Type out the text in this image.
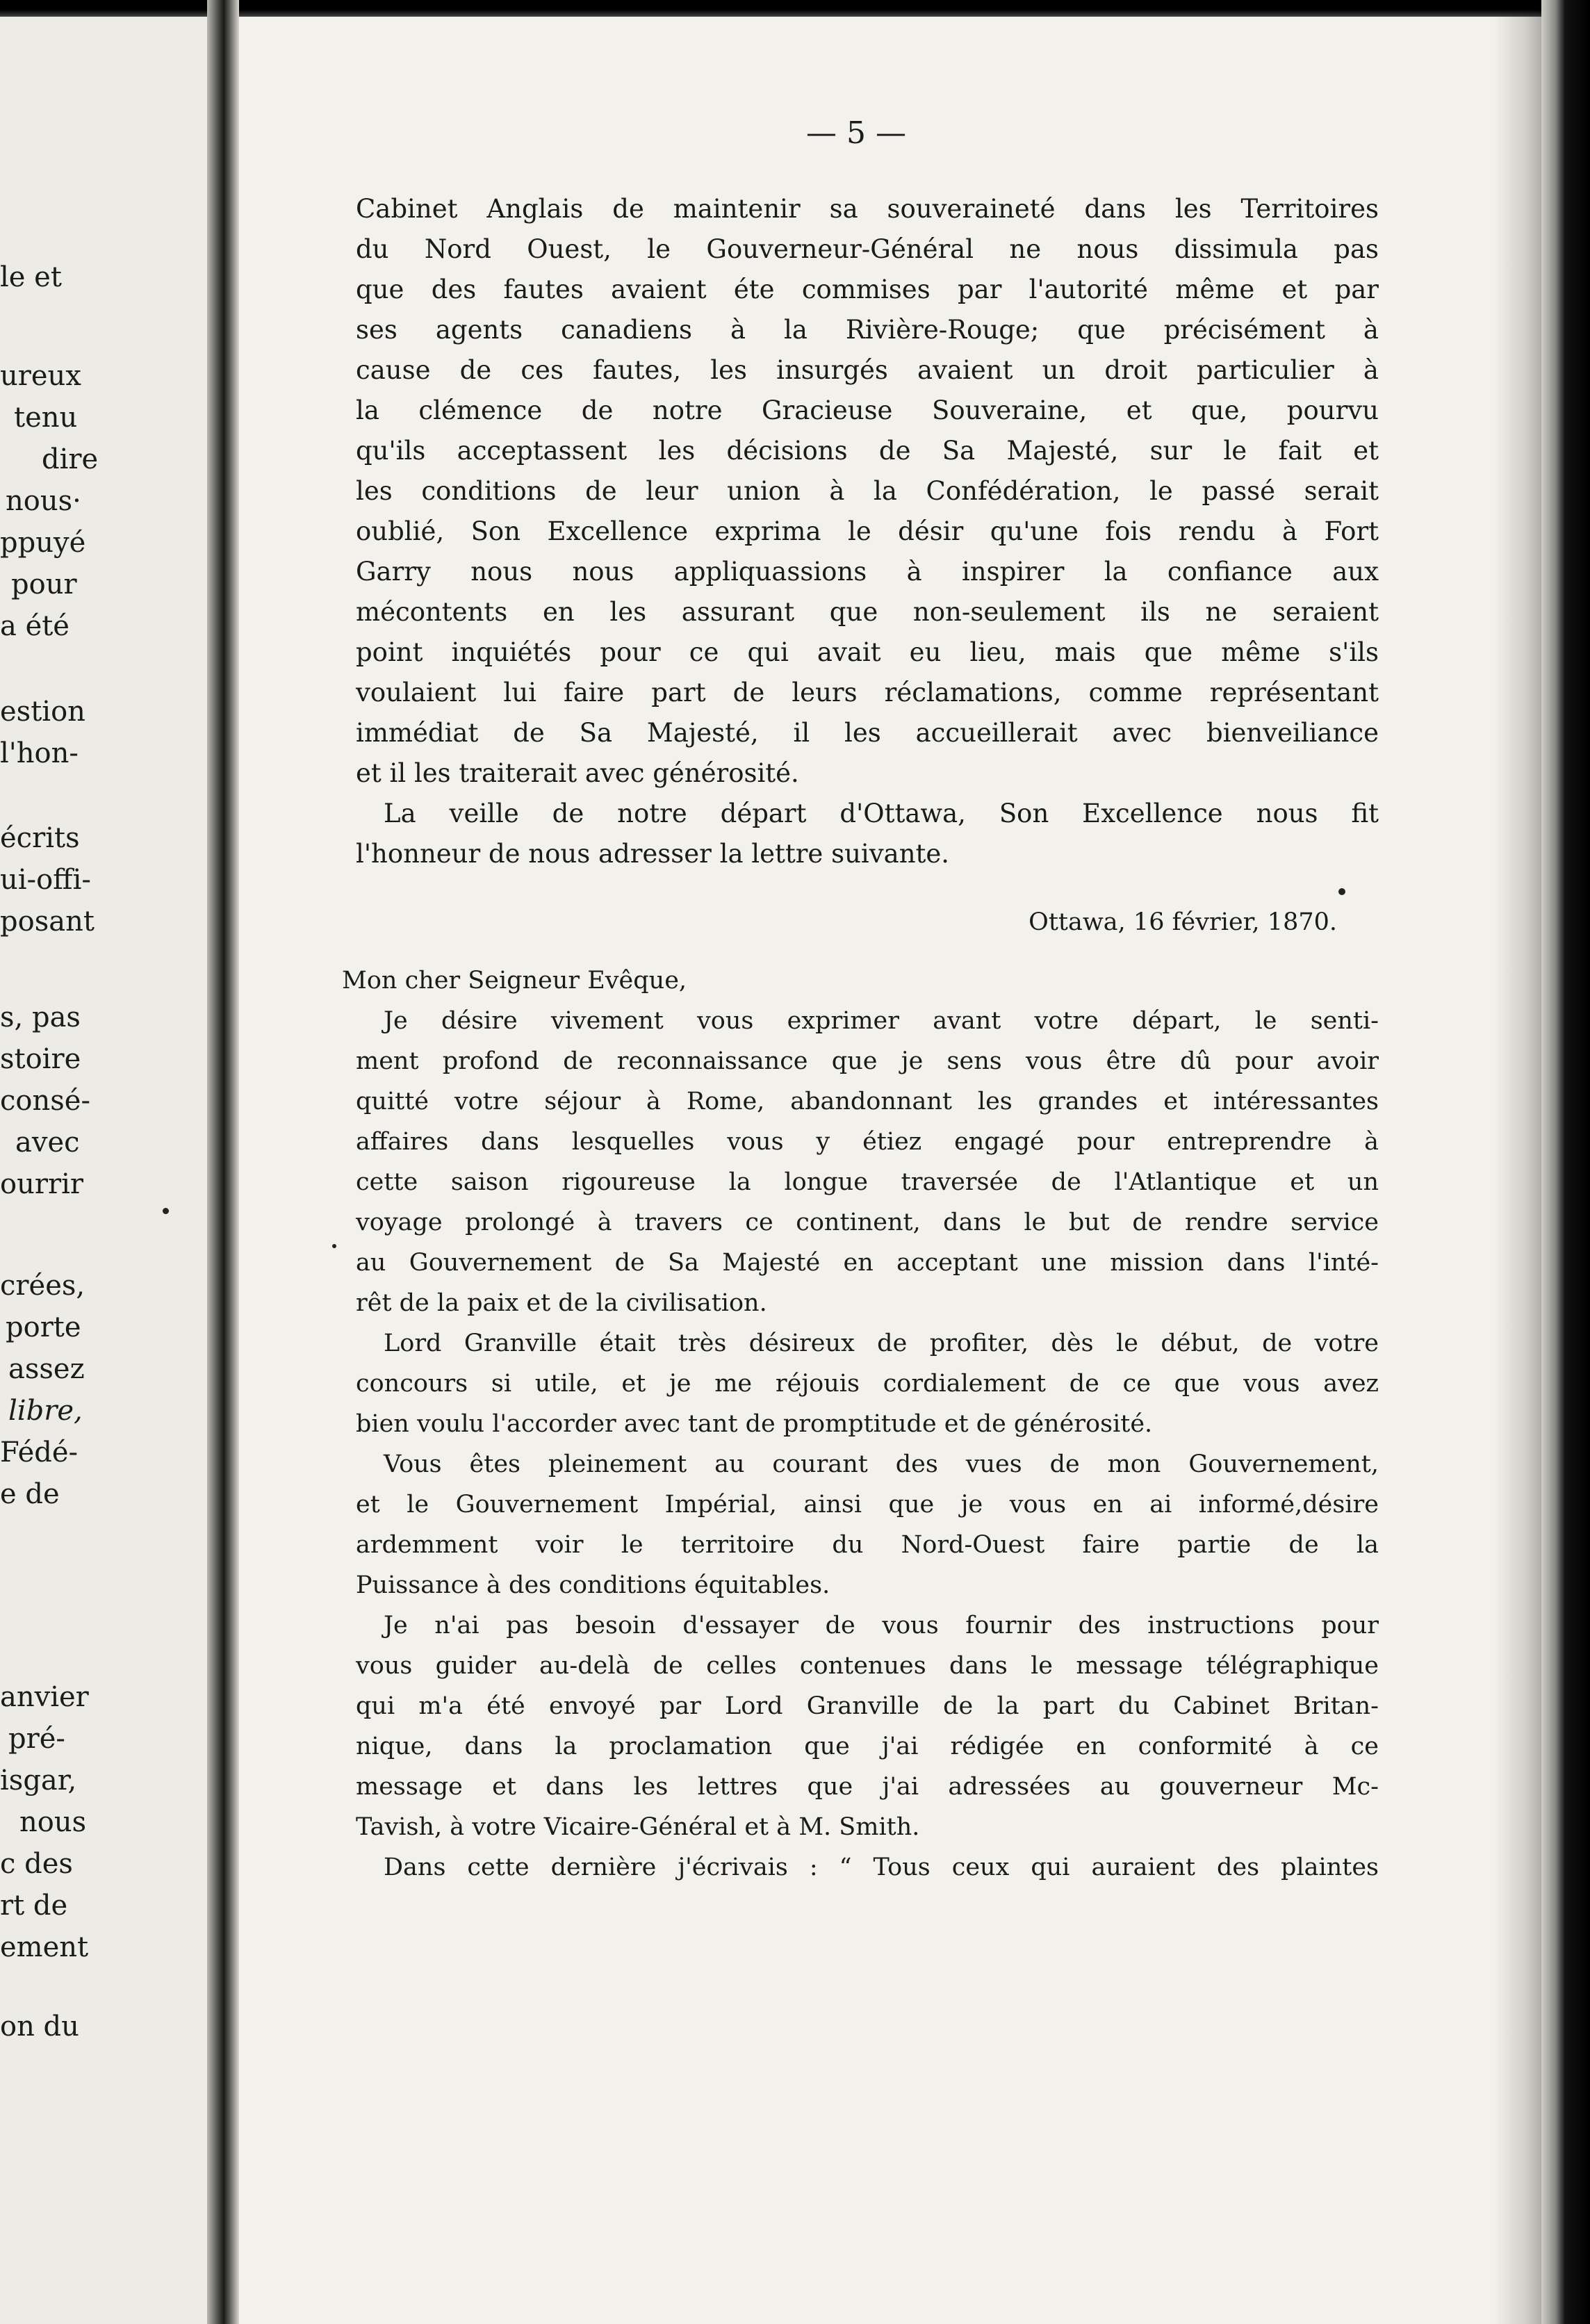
le et
ureux
tenu
dire
nous·
ppuyé
pour
a été
estion
l'hon-
écrits
ui-offi-
posant
s, pas
stoire
consé-
avec
ourrir
crées,
porte
assez
libre,
Fédé-
e de
anvier
pré-
isgar,
nous
c des
rt de
ement
on du
— 5 —
Cabinet Anglais de maintenir sa souveraineté dans les Territoires
du Nord Ouest, le Gouverneur-Général ne nous dissimula pas
que des fautes avaient éte commises par l'autorité même et par
ses agents canadiens à la Rivière-Rouge; que précisément à
cause de ces fautes, les insurgés avaient un droit particulier à
la clémence de notre Gracieuse Souveraine, et que, pourvu
qu'ils acceptassent les décisions de Sa Majesté, sur le fait et
les conditions de leur union à la Confédération, le passé serait
oublié, Son Excellence exprima le désir qu'une fois rendu à Fort
Garry nous nous appliquassions à inspirer la confiance aux
mécontents en les assurant que non-seulement ils ne seraient
point inquiétés pour ce qui avait eu lieu, mais que même s'ils
voulaient lui faire part de leurs réclamations, comme représentant
immédiat de Sa Majesté, il les accueillerait avec bienveiliance
et il les traiterait avec générosité.
La veille de notre départ d'Ottawa, Son Excellence nous fit
l'honneur de nous adresser la lettre suivante.
Ottawa, 16 février, 1870.
Mon cher Seigneur Evêque,
Je désire vivement vous exprimer avant votre départ, le senti-
ment profond de reconnaissance que je sens vous être dû pour avoir
quitté votre séjour à Rome, abandonnant les grandes et intéressantes
affaires dans lesquelles vous y étiez engagé pour entreprendre à
cette saison rigoureuse la longue traversée de l'Atlantique et un
voyage prolongé à travers ce continent, dans le but de rendre service
au Gouvernement de Sa Majesté en acceptant une mission dans l'inté-
rêt de la paix et de la civilisation.
Lord Granville était très désireux de profiter, dès le début, de votre
concours si utile, et je me réjouis cordialement de ce que vous avez
bien voulu l'accorder avec tant de promptitude et de générosité.
Vous êtes pleinement au courant des vues de mon Gouvernement,
et le Gouvernement Impérial, ainsi que je vous en ai informé,désire
ardemment voir le territoire du Nord-Ouest faire partie de la
Puissance à des conditions équitables.
Je n'ai pas besoin d'essayer de vous fournir des instructions pour
vous guider au-delà de celles contenues dans le message télégraphique
qui m'a été envoyé par Lord Granville de la part du Cabinet Britan-
nique, dans la proclamation que j'ai rédigée en conformité à ce
message et dans les lettres que j'ai adressées au gouverneur Mc-
Tavish, à votre Vicaire-Général et à M. Smith.
Dans cette dernière j'écrivais : “ Tous ceux qui auraient des plaintes
